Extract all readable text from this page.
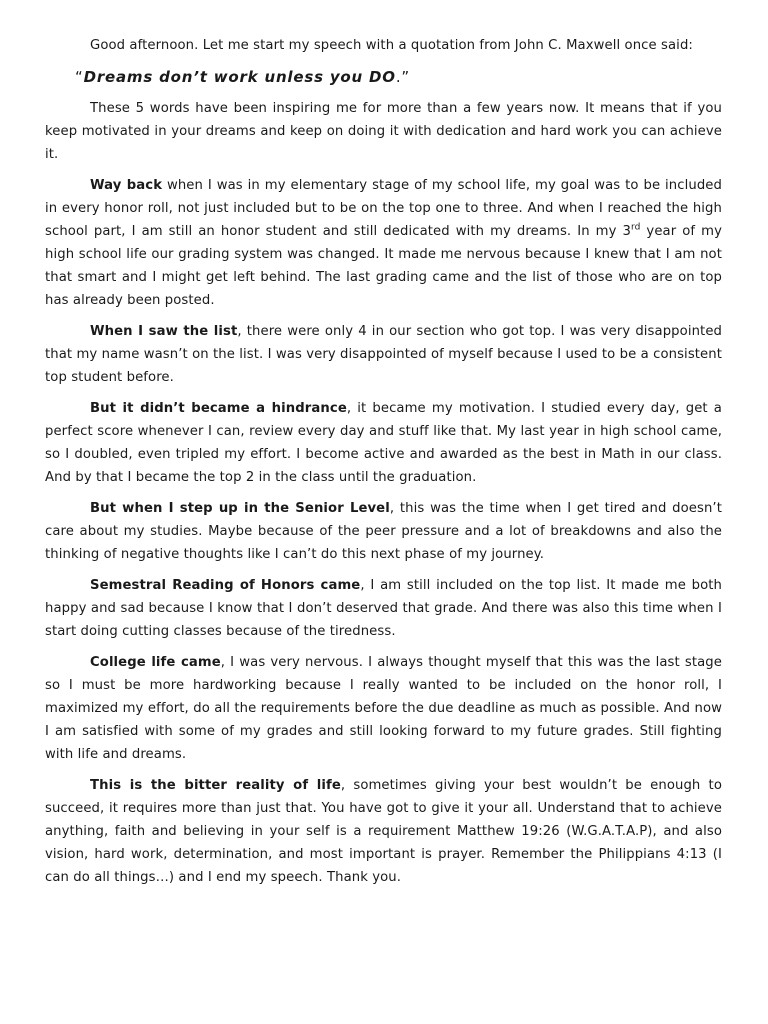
Good afternoon. Let me start my speech with a quotation from John C. Maxwell once said:

“Dreams don’t work unless you DO.”

These 5 words have been inspiring me for more than a few years now. It means that if you keep motivated in your dreams and keep on doing it with dedication and hard work you can achieve it.

Way back when I was in my elementary stage of my school life, my goal was to be included in every honor roll, not just included but to be on the top one to three. And when I reached the high school part, I am still an honor student and still dedicated with my dreams. In my 3rd year of my high school life our grading system was changed. It made me nervous because I knew that I am not that smart and I might get left behind. The last grading came and the list of those who are on top has already been posted.

When I saw the list, there were only 4 in our section who got top. I was very disappointed that my name wasn’t on the list. I was very disappointed of myself because I used to be a consistent top student before.

But it didn’t became a hindrance, it became my motivation. I studied every day, get a perfect score whenever I can, review every day and stuff like that. My last year in high school came, so I doubled, even tripled my effort. I become active and awarded as the best in Math in our class. And by that I became the top 2 in the class until the graduation.

But when I step up in the Senior Level, this was the time when I get tired and doesn’t care about my studies. Maybe because of the peer pressure and a lot of breakdowns and also the thinking of negative thoughts like I can’t do this next phase of my journey.

Semestral Reading of Honors came, I am still included on the top list. It made me both happy and sad because I know that I don’t deserved that grade. And there was also this time when I start doing cutting classes because of the tiredness.

College life came, I was very nervous. I always thought myself that this was the last stage so I must be more hardworking because I really wanted to be included on the honor roll, I maximized my effort, do all the requirements before the due deadline as much as possible. And now I am satisfied with some of my grades and still looking forward to my future grades. Still fighting with life and dreams.

This is the bitter reality of life, sometimes giving your best wouldn’t be enough to succeed, it requires more than just that. You have got to give it your all. Understand that to achieve anything, faith and believing in your self is a requirement Matthew 19:26 (W.G.A.T.A.P), and also vision, hard work, determination, and most important is prayer. Remember the Philippians 4:13 (I can do all things…) and I end my speech. Thank you.
